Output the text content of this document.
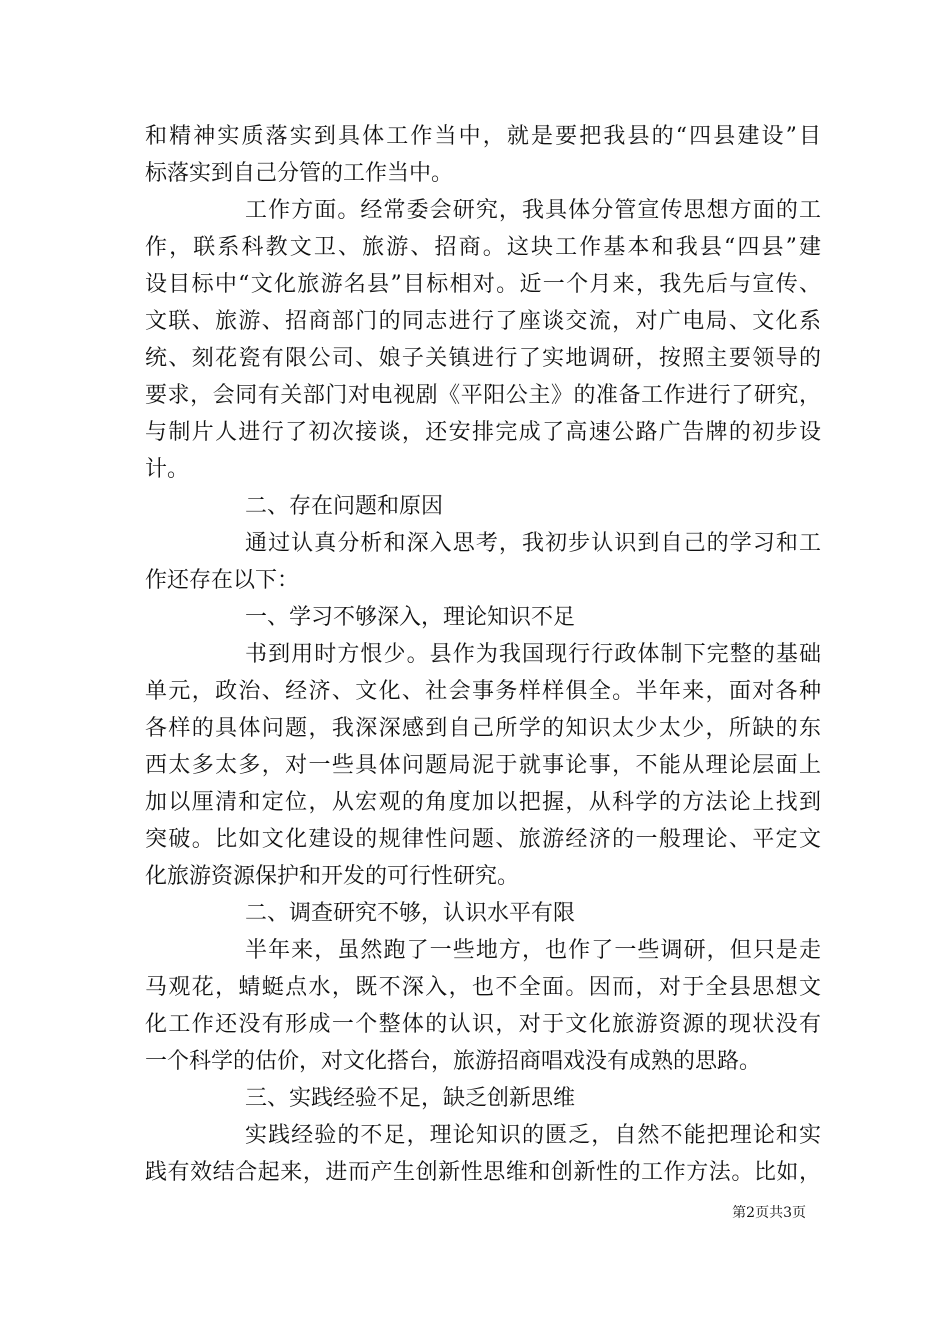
和精神实质落实到具体工作当中，就是要把我县的“四县建设”目
标落实到自己分管的工作当中。
工作方面。经常委会研究，我具体分管宣传思想方面的工
作，联系科教文卫、旅游、招商。这块工作基本和我县“四县”建
设目标中“文化旅游名县”目标相对。近一个月来，我先后与宣传、
文联、旅游、招商部门的同志进行了座谈交流，对广电局、文化系
统、刻花瓷有限公司、娘子关镇进行了实地调研，按照主要领导的
要求，会同有关部门对电视剧《平阳公主》的准备工作进行了研究，
与制片人进行了初次接谈，还安排完成了高速公路广告牌的初步设
计。
二、存在问题和原因
通过认真分析和深入思考，我初步认识到自己的学习和工
作还存在以下：
一、学习不够深入，理论知识不足
书到用时方恨少。县作为我国现行行政体制下完整的基础
单元，政治、经济、文化、社会事务样样俱全。半年来，面对各种
各样的具体问题，我深深感到自己所学的知识太少太少，所缺的东
西太多太多，对一些具体问题局泥于就事论事，不能从理论层面上
加以厘清和定位，从宏观的角度加以把握，从科学的方法论上找到
突破。比如文化建设的规律性问题、旅游经济的一般理论、平定文
化旅游资源保护和开发的可行性研究。
二、调查研究不够，认识水平有限
半年来，虽然跑了一些地方，也作了一些调研，但只是走
马观花，蜻蜓点水，既不深入，也不全面。因而，对于全县思想文
化工作还没有形成一个整体的认识，对于文化旅游资源的现状没有
一个科学的估价，对文化搭台，旅游招商唱戏没有成熟的思路。
三、实践经验不足，缺乏创新思维
实践经验的不足，理论知识的匮乏，自然不能把理论和实
践有效结合起来，进而产生创新性思维和创新性的工作方法。比如，
第2页共3页
